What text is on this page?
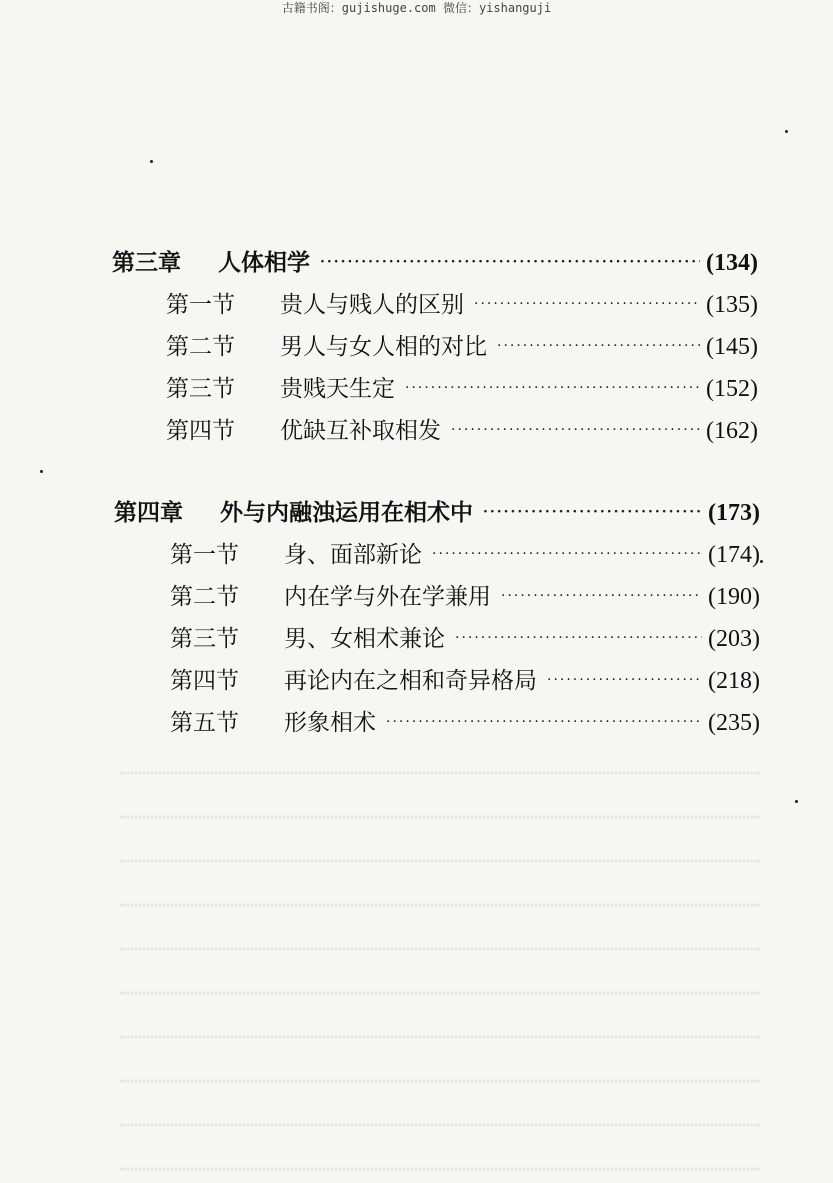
古籍书阁：gujishuge.com 微信：yishanguji
第三章	人体相学 ·····	(134)
第一节	贵人与贱人的区别 ·····	(135)
第二节	男人与女人相的对比 ·····	(145)
第三节	贵贱天生定 ·····	(152)
第四节	优缺互补取相发 ·····	(162)
第四章	外与内融浊运用在相术中 ·····	(173)
第一节	身、面部新论 ·····	(174)
第二节	内在学与外在学兼用 ·····	(190)
第三节	男、女相术兼论 ·····	(203)
第四节	再论内在之相和奇异格局 ·····	(218)
第五节	形象相术 ·····	(235)
